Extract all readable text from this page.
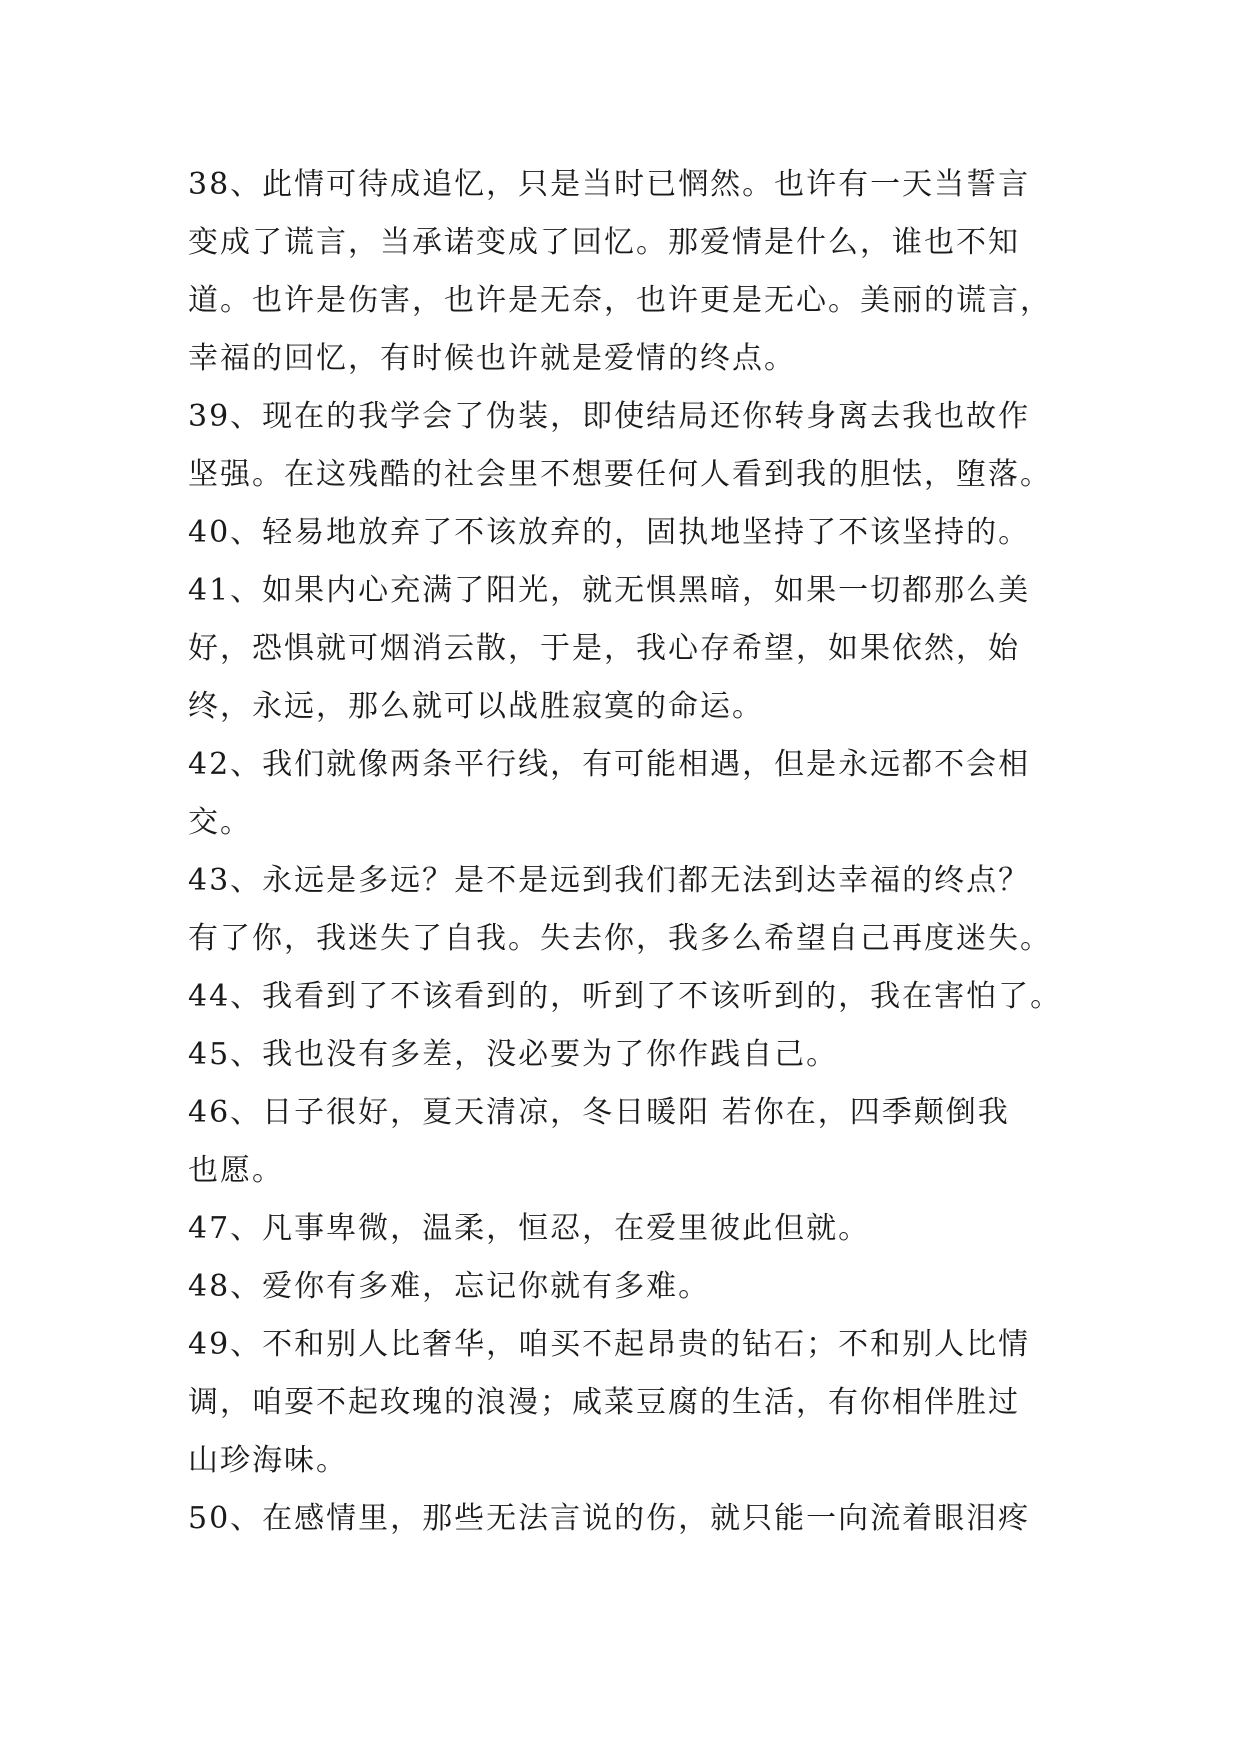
38、此情可待成追忆，只是当时已惘然。也许有一天当誓言
变成了谎言，当承诺变成了回忆。那爱情是什么，谁也不知
道。也许是伤害，也许是无奈，也许更是无心。美丽的谎言，
幸福的回忆，有时候也许就是爱情的终点。
39、现在的我学会了伪装，即使结局还你转身离去我也故作
坚强。在这残酷的社会里不想要任何人看到我的胆怯，堕落。
40、轻易地放弃了不该放弃的，固执地坚持了不该坚持的。
41、如果内心充满了阳光，就无惧黑暗，如果一切都那么美
好，恐惧就可烟消云散，于是，我心存希望，如果依然，始
终，永远，那么就可以战胜寂寞的命运。
42、我们就像两条平行线，有可能相遇，但是永远都不会相
交。
43、永远是多远？是不是远到我们都无法到达幸福的终点？
有了你，我迷失了自我。失去你，我多么希望自己再度迷失。
44、我看到了不该看到的，听到了不该听到的，我在害怕了。
45、我也没有多差，没必要为了你作践自己。
46、日子很好，夏天清凉，冬日暖阳 若你在，四季颠倒我
也愿。
47、凡事卑微，温柔，恒忍，在爱里彼此但就。
48、爱你有多难，忘记你就有多难。
49、不和别人比奢华，咱买不起昂贵的钻石；不和别人比情
调，咱耍不起玫瑰的浪漫；咸菜豆腐的生活，有你相伴胜过
山珍海味。
50、在感情里，那些无法言说的伤，就只能一向流着眼泪疼
